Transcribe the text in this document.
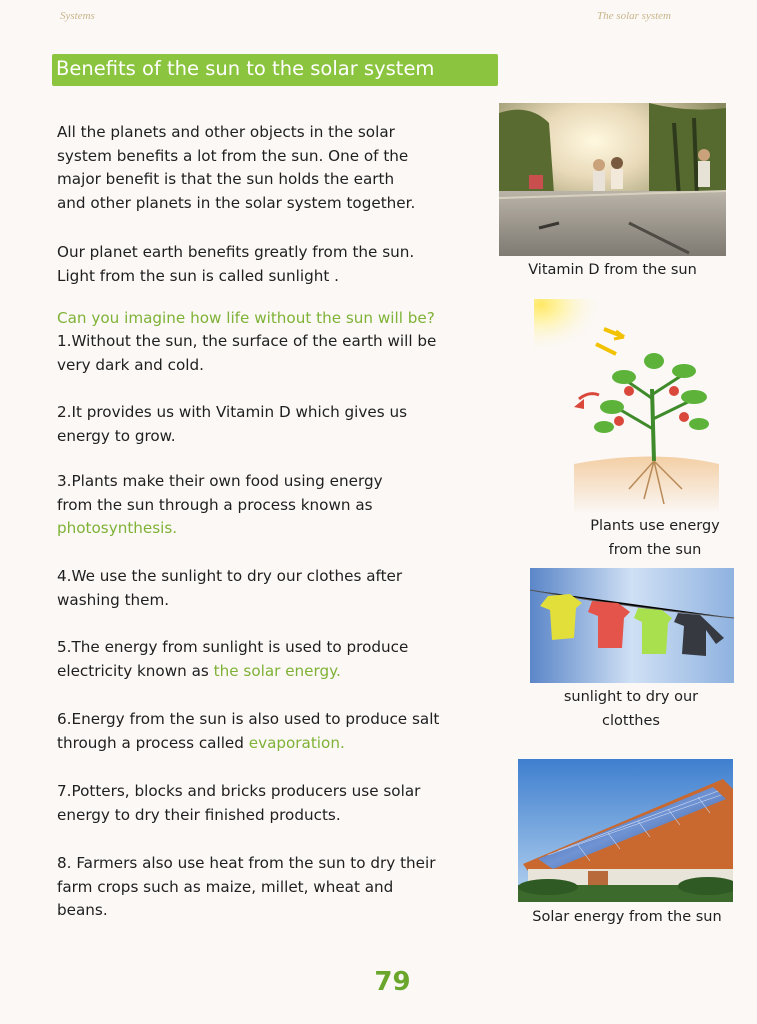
Systems	The solar system
Benefits of the sun to the solar system
All the planets and other objects in the solar
system benefits a lot from the sun. One of the
major benefit is that the sun holds the earth
and other planets in the solar system together.
Our planet earth benefits greatly from the sun.
Light from the sun is called sunlight .
Can you imagine how life without the sun will be?
1.Without the sun, the surface of the earth will be
very dark and cold.
2.It provides us with Vitamin D which gives us
energy to grow.
3.Plants make their own food using energy
from the sun through a process known as
photosynthesis.
4.We use the sunlight to dry our clothes after
washing them.
5.The energy from sunlight is used to produce
electricity known as the solar energy.
6.Energy from the sun is also used to produce salt
through a process called evaporation.
7.Potters, blocks and bricks producers use solar
energy to dry their finished products.
8. Farmers also use heat from the sun to dry their
farm crops such as maize, millet, wheat and
beans.
Vitamin D from the sun
Plants use energy
from the sun
sunlight to dry our
clotthes
Solar energy from the sun
79
